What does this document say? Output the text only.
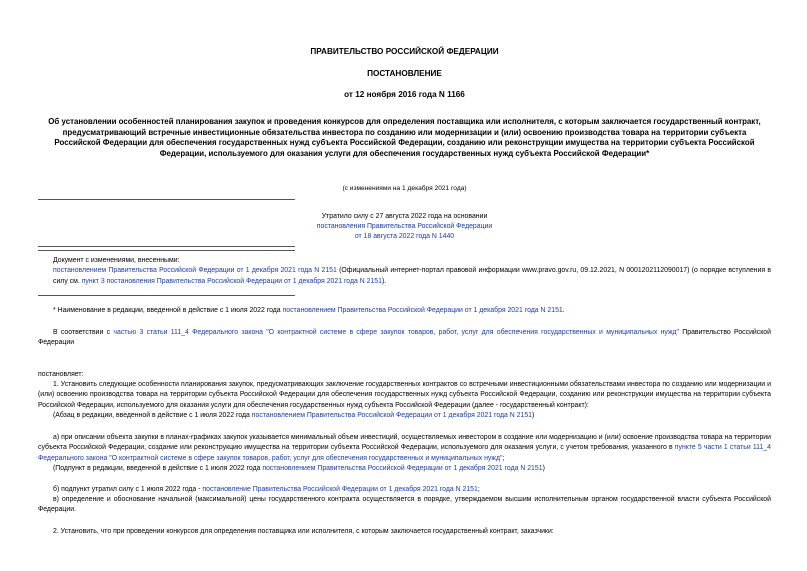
ПРАВИТЕЛЬСТВО РОССИЙСКОЙ ФЕДЕРАЦИИ
ПОСТАНОВЛЕНИЕ
от 12 ноября 2016 года N 1166
Об установлении особенностей планирования закупок и проведения конкурсов для определения поставщика или исполнителя, с которым заключается государственный контракт, предусматривающий встречные инвестиционные обязательства инвестора по созданию или модернизации и (или) освоению производства товара на территории субъекта Российской Федерации для обеспечения государственных нужд субъекта Российской Федерации, созданию или реконструкции имущества на территории субъекта Российской Федерации, используемого для оказания услуги для обеспечения государственных нужд субъекта Российской Федерации*
(с изменениями на 1 декабря 2021 года)
Утратило силу с 27 августа 2022 года на основании
постановления Правительства Российской Федерации
от 18 августа 2022 года N 1440
Документ с изменениями, внесенными:
постановлением Правительства Российской Федерации от 1 декабря 2021 года N 2151 (Официальный интернет-портал правовой информации www.pravo.gov.ru, 09.12.2021, N 0001202112090017) (о порядке вступления в силу см. пункт 3 постановления Правительства Российской Федерации от 1 декабря 2021 года N 2151).
* Наименование в редакции, введенной в действие с 1 июля 2022 года постановлением Правительства Российской Федерации от 1 декабря 2021 года N 2151.
В соответствии с частью 3 статьи 111_4 Федерального закона "О контрактной системе в сфере закупок товаров, работ, услуг для обеспечения государственных и муниципальных нужд" Правительство Российской Федерации
постановляет:
1. Установить следующие особенности планирования закупок, предусматривающих заключение государственных контрактов со встречными инвестиционными обязательствами инвестора по созданию или модернизации и (или) освоению производства товара на территории субъекта Российской Федерации для обеспечения государственных нужд субъекта Российской Федерации, созданию или реконструкции имущества на территории субъекта Российской Федерации, используемого для оказания услуги для обеспечения государственных нужд субъекта Российской Федерации (далее - государственный контракт):
(Абзац в редакции, введенной в действие с 1 июля 2022 года постановлением Правительства Российской Федерации от 1 декабря 2021 года N 2151)
а) при описании объекта закупки в планах-графиках закупок указывается минимальный объем инвестиций, осуществляемых инвестором в создание или модернизацию и (или) освоение производства товара на территории субъекта Российской Федерации, создание или реконструкцию имущества на территории субъекта Российской Федерации, используемого для оказания услуги, с учетом требования, указанного в пункте 5 части 1 статьи 111_4 Федерального закона "О контрактной системе в сфере закупок товаров, работ, услуг для обеспечения государственных и муниципальных нужд";
(Подпункт в редакции, введенной в действие с 1 июля 2022 года постановлением Правительства Российской Федерации от 1 декабря 2021 года N 2151)
б) подпункт утратил силу с 1 июля 2022 года - постановление Правительства Российской Федерации от 1 декабря 2021 года N 2151;
в) определение и обоснование начальной (максимальной) цены государственного контракта осуществляется в порядке, утверждаемом высшим исполнительным органом государственной власти субъекта Российской Федерации.
2. Установить, что при проведении конкурсов для определения поставщика или исполнителя, с которым заключается государственный контракт, заказчики:
